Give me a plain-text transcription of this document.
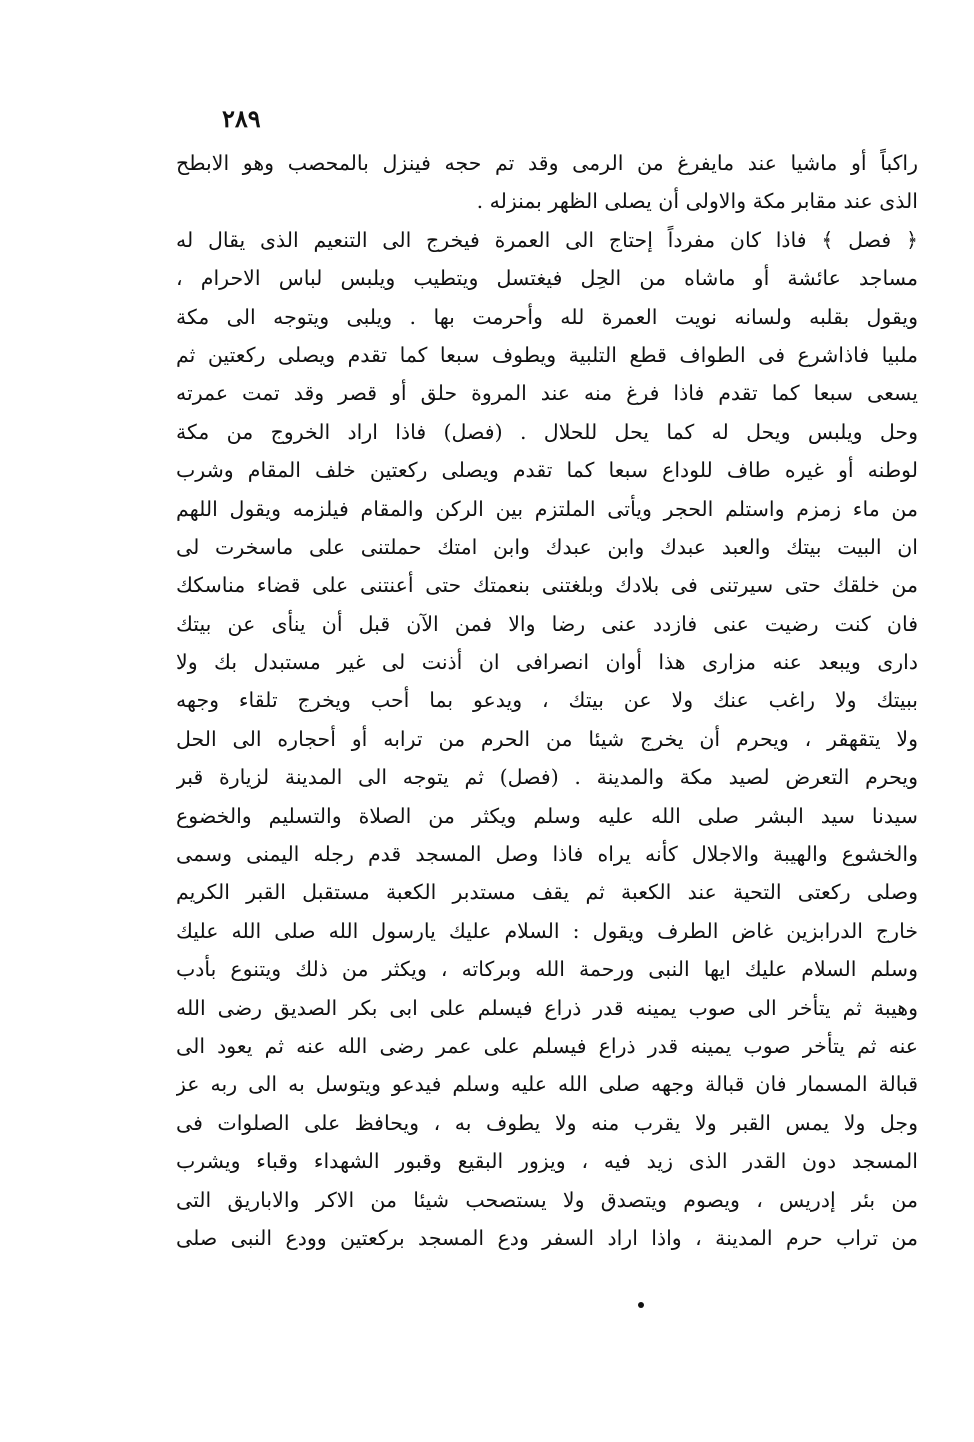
٢٨٩
راكباً أو ماشيا عند مايفرغ من الرمى وقد تم حجه فينزل بالمحصب وهو الابطح
الذى عند مقابر مكة والاولى أن يصلى الظهر بمنزله .
﴿ فصل ﴾ فاذا كان مفرداً إحتاج الى العمرة فيخرج الى التنعيم الذى يقال له
مساجد عائشة أو ماشاه من الحِل فيغتسل ويتطيب ويلبس لباس الاحرام ،
ويقول بقلبه ولسانه نويت العمرة لله وأحرمت بها . ويلبى ويتوجه الى مكة
ملبيا فاذاشرع فى الطواف قطع التلبية ويطوف سبعا كما تقدم ويصلى ركعتين ثم
يسعى سبعا كما تقدم فاذا فرغ منه عند المروة حلق أو قصر وقد تمت عمرته
وحل ويلبس ويحل له كما يحل للحلال . (فصل) فاذا اراد الخروج من مكة
لوطنه أو غيره طاف للوداع سبعا كما تقدم ويصلى ركعتين خلف المقام وشرب
من ماء زمزم واستلم الحجر ويأتى الملتزم بين الركن والمقام فيلزمه ويقول اللهم
ان البيت بيتك والعبد عبدك وابن عبدك وابن امتك حملتنى على ماسخرت لى
من خلقك حتى سيرتنى فى بلادك وبلغتنى بنعمتك حتى أعنتنى على قضاء مناسكك
فان كنت رضيت عنى فازدد عنى رضا والا فمن الآن قبل أن ينأى عن بيتك
دارى ويبعد عنه مزارى هذا أوان انصرافى ان أذنت لى غير مستبدل بك ولا
ببيتك ولا راغب عنك ولا عن بيتك ، ويدعو بما أحب ويخرج تلقاء وجهه
ولا يتقهقر ، ويحرم أن يخرج شيئا من الحرم من ترابه أو أحجاره الى الحل
ويحرم التعرض لصيد مكة والمدينة . (فصل) ثم يتوجه الى المدينة لزيارة قبر
سيدنا سيد البشر صلى الله عليه وسلم ويكثر من الصلاة والتسليم والخضوع
والخشوع والهيبة والاجلال كأنه يراه فاذا وصل المسجد قدم رجله اليمنى وسمى
وصلى ركعتى التحية عند الكعبة ثم يقف مستدبر الكعبة مستقبل القبر الكريم
خارج الدرابزين غاض الطرف ويقول : السلام عليك يارسول الله صلى الله عليك
وسلم السلام عليك ايها النبى ورحمة الله وبركاته ، ويكثر من ذلك ويتنوع بأدب
وهيبة ثم يتأخر الى صوب يمينه قدر ذراع فيسلم على ابى بكر الصديق رضى الله
عنه ثم يتأخر صوب يمينه قدر ذراع فيسلم على عمر رضى الله عنه ثم يعود الى
قبالة المسمار فان قبالة وجهه صلى الله عليه وسلم فيدعو ويتوسل به الى ربه عز
وجل ولا يمس القبر ولا يقرب منه ولا يطوف به ، ويحافظ على الصلوات فى
المسجد دون القدر الذى زيد فيه ، ويزور البقيع وقبور الشهداء وقباء ويشرب
من بئر إدريس ، ويصوم ويتصدق ولا يستصحب شيئا من الاكر والاباريق التى
من تراب حرم المدينة ، واذا اراد السفر ودع المسجد بركعتين وودع النبى صلى
